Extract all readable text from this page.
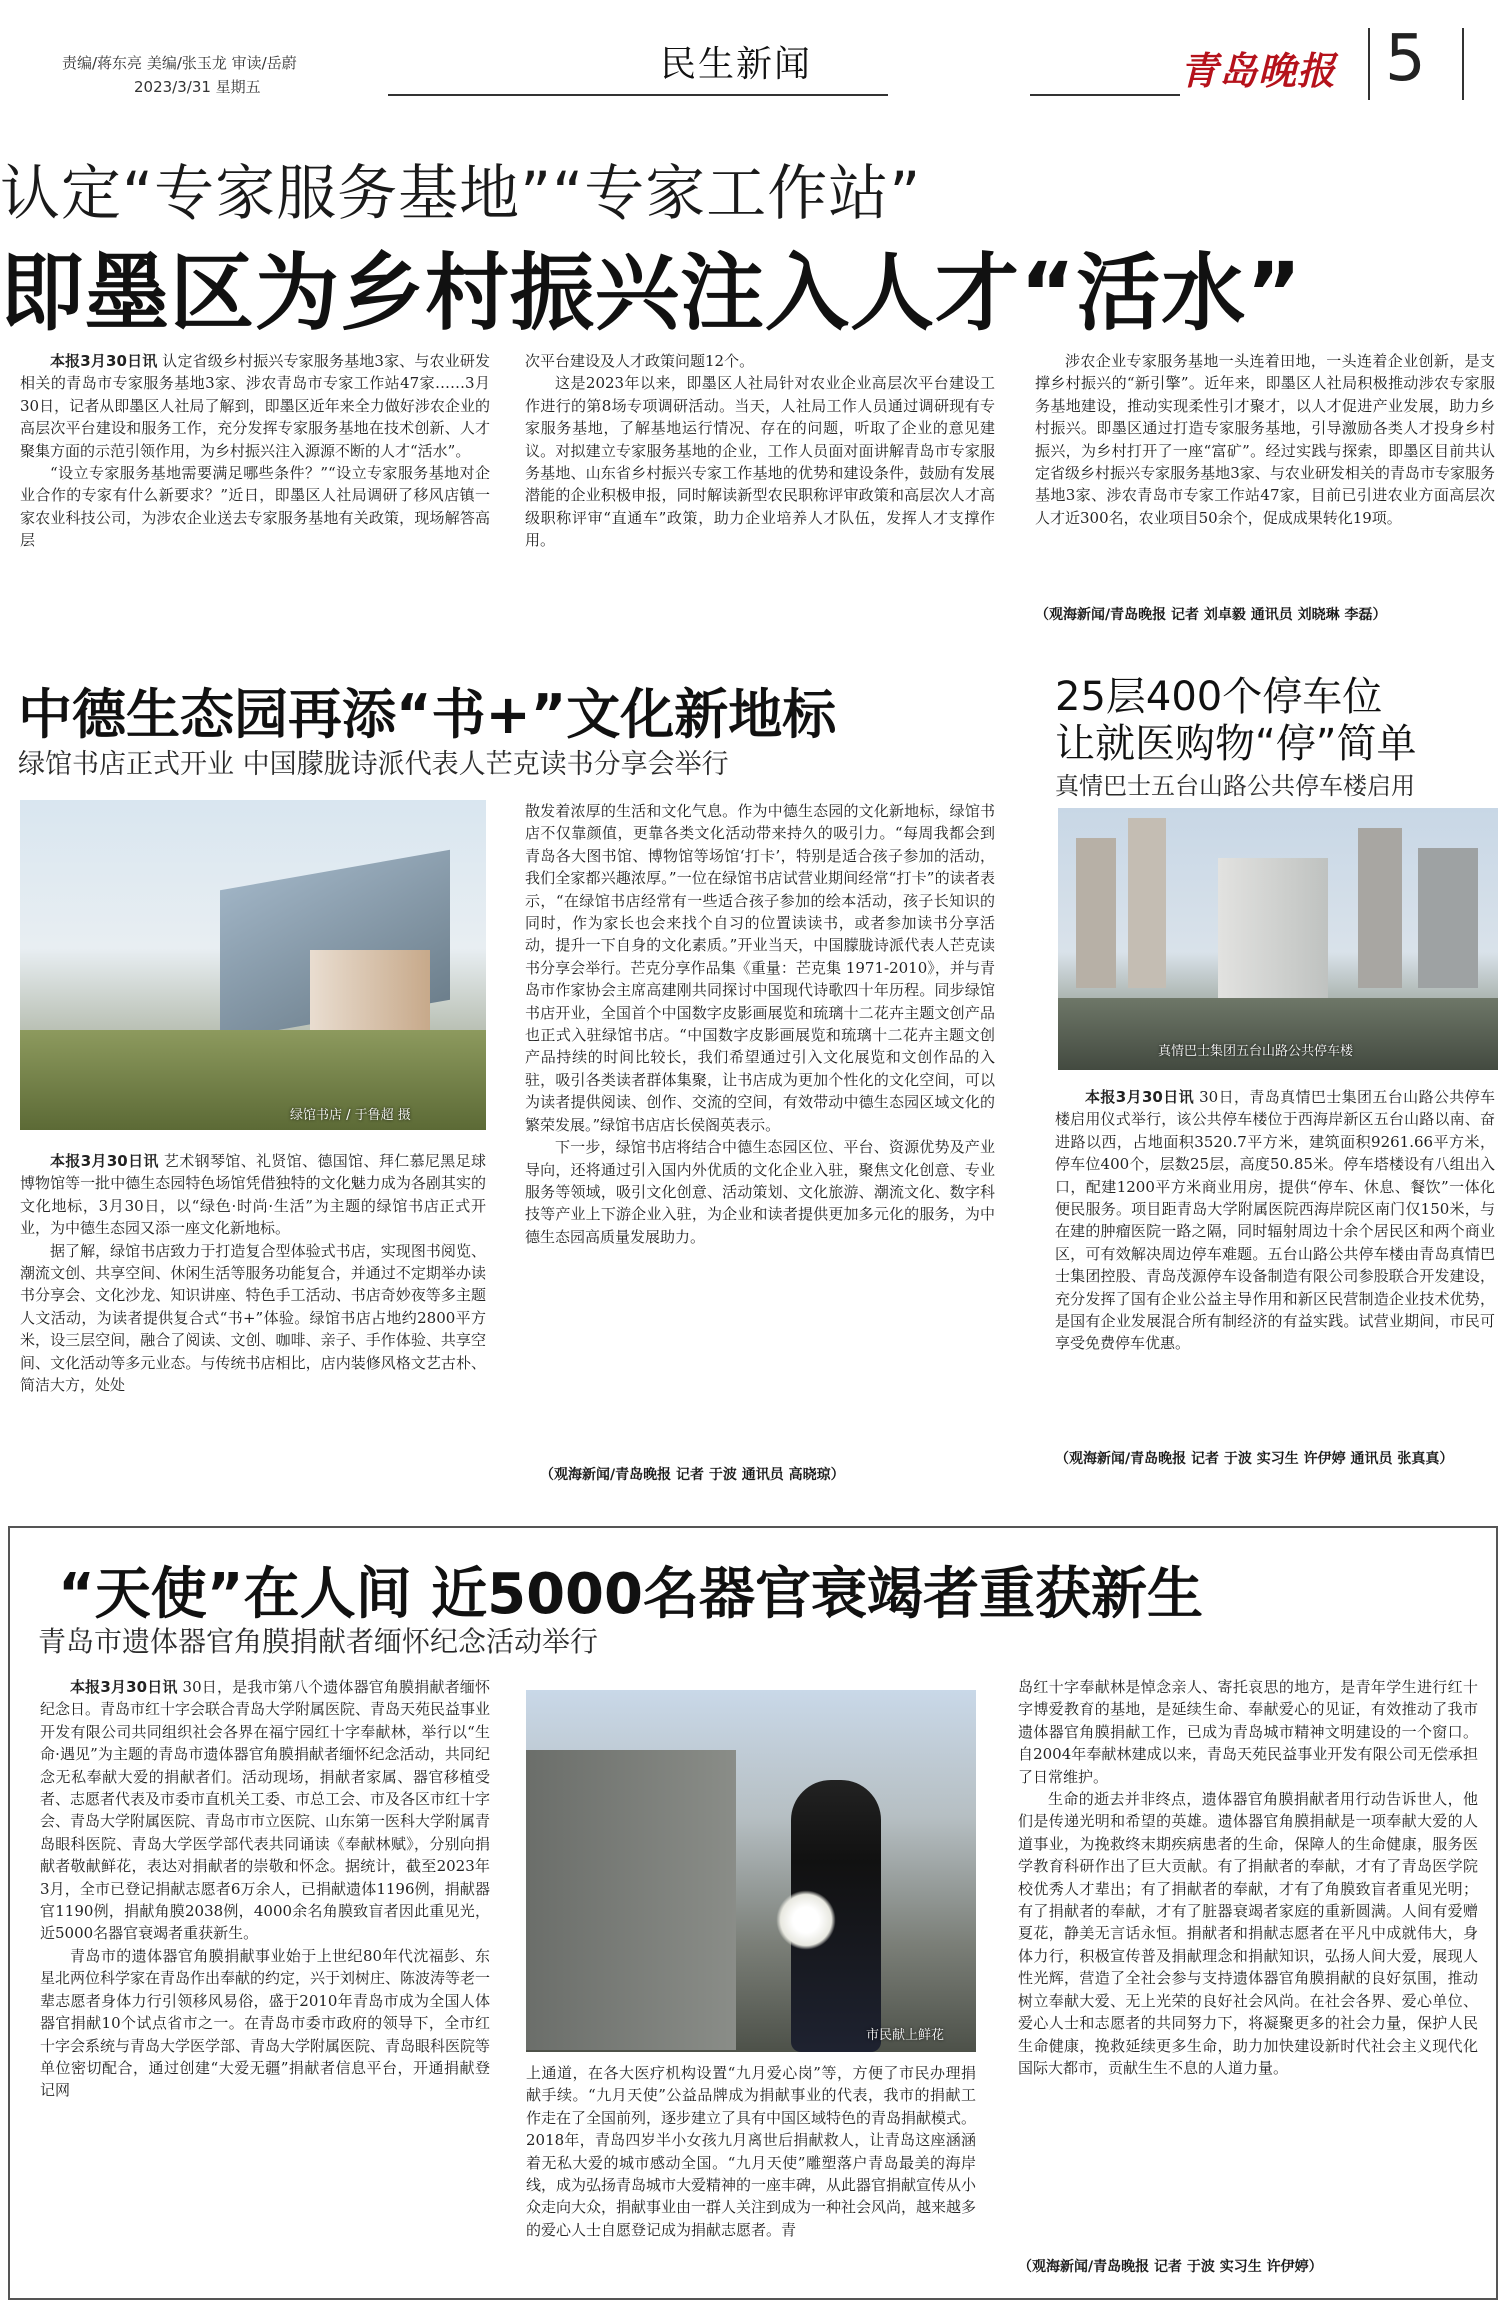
责编/蒋东亮 美编/张玉龙 审读/岳蔚
2023/3/31 星期五
民生新闻	青岛晚报 5
认定“专家服务基地”“专家工作站”
即墨区为乡村振兴注入人才“活水”

本报3月30日讯 认定省级乡村振兴专家服务基地3家、与农业研发相关的青岛市专家服务基地3家、涉农青岛市专家工作站47家……3月30日，记者从即墨区人社局了解到，即墨区近年来全力做好涉农企业的高层次平台建设和服务工作，充分发挥专家服务基地在技术创新、人才聚集方面的示范引领作用，为乡村振兴注入源源不断的人才“活水”。

“设立专家服务基地需要满足哪些条件？”“设立专家服务基地对企业合作的专家有什么新要求？”近日，即墨区人社局调研了移风店镇一家农业科技公司，为涉农企业送去专家服务基地有关政策，现场解答高层

次平台建设及人才政策问题12个。

这是2023年以来，即墨区人社局针对农业企业高层次平台建设工作进行的第8场专项调研活动。当天，人社局工作人员通过调研现有专家服务基地，了解基地运行情况、存在的问题，听取了企业的意见建议。对拟建立专家服务基地的企业，工作人员面对面讲解青岛市专家服务基地、山东省乡村振兴专家工作基地的优势和建设条件，鼓励有发展潜能的企业积极申报，同时解读新型农民职称评审政策和高层次人才高级职称评审“直通车”政策，助力企业培养人才队伍，发挥人才支撑作用。

涉农企业专家服务基地一头连着田地，一头连着企业创新，是支撑乡村振兴的“新引擎”。近年来，即墨区人社局积极推动涉农专家服务基地建设，推动实现柔性引才聚才，以人才促进产业发展，助力乡村振兴。即墨区通过打造专家服务基地，引导激励各类人才投身乡村振兴，为乡村打开了一座“富矿”。经过实践与探索，即墨区目前共认定省级乡村振兴专家服务基地3家、与农业研发相关的青岛市专家服务基地3家、涉农青岛市专家工作站47家，目前已引进农业方面高层次人才近300名，农业项目50余个，促成成果转化19项。

（观海新闻/青岛晚报 记者 刘卓毅 通讯员 刘晓琳 李磊）
中德生态园再添“书+”文化新地标
绿馆书店正式开业 中国朦胧诗派代表人芒克读书分享会举行
绿馆书店 / 于鲁超 摄

本报3月30日讯 艺术钢琴馆、礼贤馆、德国馆、拜仁慕尼黑足球博物馆等一批中德生态园特色场馆凭借独特的文化魅力成为各剧其实的文化地标，3月30日，以“绿色·时尚·生活”为主题的绿馆书店正式开业，为中德生态园又添一座文化新地标。

据了解，绿馆书店致力于打造复合型体验式书店，实现图书阅览、潮流文创、共享空间、休闲生活等服务功能复合，并通过不定期举办读书分享会、文化沙龙、知识讲座、特色手工活动、书店奇妙夜等多主题人文活动，为读者提供复合式“书+”体验。绿馆书店占地约2800平方米，设三层空间，融合了阅读、文创、咖啡、亲子、手作体验、共享空间、文化活动等多元业态。与传统书店相比，店内装修风格文艺古朴、简洁大方，处处

散发着浓厚的生活和文化气息。作为中德生态园的文化新地标，绿馆书店不仅靠颜值，更靠各类文化活动带来持久的吸引力。“每周我都会到青岛各大图书馆、博物馆等场馆‘打卡’，特别是适合孩子参加的活动，我们全家都兴趣浓厚。”一位在绿馆书店试营业期间经常“打卡”的读者表示，“在绿馆书店经常有一些适合孩子参加的绘本活动，孩子长知识的同时，作为家长也会来找个自习的位置读读书，或者参加读书分享活动，提升一下自身的文化素质。”开业当天，中国朦胧诗派代表人芒克读书分享会举行。芒克分享作品集《重量：芒克集 1971-2010》，并与青岛市作家协会主席高建刚共同探讨中国现代诗歌四十年历程。同步绿馆书店开业，全国首个中国数字皮影画展览和琉璃十二花卉主题文创产品也正式入驻绿馆书店。“中国数字皮影画展览和琉璃十二花卉主题文创产品持续的时间比较长，我们希望通过引入文化展览和文创作品的入驻，吸引各类读者群体集聚，让书店成为更加个性化的文化空间，可以为读者提供阅读、创作、交流的空间，有效带动中德生态园区域文化的繁荣发展。”绿馆书店店长侯阁英表示。

下一步，绿馆书店将结合中德生态园区位、平台、资源优势及产业导向，还将通过引入国内外优质的文化企业入驻，聚焦文化创意、专业服务等领域，吸引文化创意、活动策划、文化旅游、潮流文化、数字科技等产业上下游企业入驻，为企业和读者提供更加多元化的服务，为中德生态园高质量发展助力。

（观海新闻/青岛晚报 记者 于波 通讯员 高晓琼）
25层400个停车位
让就医购物“停”简单
真情巴士五台山路公共停车楼启用
真情巴士集团五台山路公共停车楼

本报3月30日讯 30日，青岛真情巴士集团五台山路公共停车楼启用仪式举行，该公共停车楼位于西海岸新区五台山路以南、奋进路以西，占地面积3520.7平方米，建筑面积9261.66平方米，停车位400个，层数25层，高度50.85米。停车塔楼设有八组出入口，配建1200平方米商业用房，提供“停车、休息、餐饮”一体化便民服务。项目距青岛大学附属医院西海岸院区南门仅150米，与在建的肿瘤医院一路之隔，同时辐射周边十余个居民区和两个商业区，可有效解决周边停车难题。五台山路公共停车楼由青岛真情巴士集团控股、青岛茂源停车设备制造有限公司参股联合开发建设，充分发挥了国有企业公益主导作用和新区民营制造企业技术优势，是国有企业发展混合所有制经济的有益实践。试营业期间，市民可享受免费停车优惠。

（观海新闻/青岛晚报 记者 于波 实习生 许伊婷 通讯员 张真真）
“天使”在人间 近5000名器官衰竭者重获新生
青岛市遗体器官角膜捐献者缅怀纪念活动举行

本报3月30日讯 30日，是我市第八个遗体器官角膜捐献者缅怀纪念日。青岛市红十字会联合青岛大学附属医院、青岛天苑民益事业开发有限公司共同组织社会各界在福宁园红十字奉献林，举行以“生命·遇见”为主题的青岛市遗体器官角膜捐献者缅怀纪念活动，共同纪念无私奉献大爱的捐献者们。活动现场，捐献者家属、器官移植受者、志愿者代表及市委市直机关工委、市总工会、市及各区市红十字会、青岛大学附属医院、青岛市市立医院、山东第一医科大学附属青岛眼科医院、青岛大学医学部代表共同诵读《奉献林赋》，分别向捐献者敬献鲜花，表达对捐献者的崇敬和怀念。据统计，截至2023年3月，全市已登记捐献志愿者6万余人，已捐献遗体1196例，捐献器官1190例，捐献角膜2038例，4000余名角膜致盲者因此重见光，近5000名器官衰竭者重获新生。

青岛市的遗体器官角膜捐献事业始于上世纪80年代沈福彭、东星北两位科学家在青岛作出奉献的约定，兴于刘树庄、陈波涛等老一辈志愿者身体力行引领移风易俗，盛于2010年青岛市成为全国人体器官捐献10个试点省市之一。在青岛市委市政府的领导下，全市红十字会系统与青岛大学医学部、青岛大学附属医院、青岛眼科医院等单位密切配合，通过创建“大爱无疆”捐献者信息平台，开通捐献登记网

市民献上鲜花

上通道，在各大医疗机构设置“九月爱心岗”等，方便了市民办理捐献手续。“九月天使”公益品牌成为捐献事业的代表，我市的捐献工作走在了全国前列，逐步建立了具有中国区域特色的青岛捐献模式。2018年，青岛四岁半小女孩九月离世后捐献救人，让青岛这座涵涵着无私大爱的城市感动全国。“九月天使”雕塑落户青岛最美的海岸线，成为弘扬青岛城市大爱精神的一座丰碑，从此器官捐献宣传从小众走向大众，捐献事业由一群人关注到成为一种社会风尚，越来越多的爱心人士自愿登记成为捐献志愿者。青

岛红十字奉献林是悼念亲人、寄托哀思的地方，是青年学生进行红十字博爱教育的基地，是延续生命、奉献爱心的见证，有效推动了我市遗体器官角膜捐献工作，已成为青岛城市精神文明建设的一个窗口。自2004年奉献林建成以来，青岛天苑民益事业开发有限公司无偿承担了日常维护。

生命的逝去并非终点，遗体器官角膜捐献者用行动告诉世人，他们是传递光明和希望的英雄。遗体器官角膜捐献是一项奉献大爱的人道事业，为挽救终末期疾病患者的生命，保障人的生命健康，服务医学教育科研作出了巨大贡献。有了捐献者的奉献，才有了青岛医学院校优秀人才辈出；有了捐献者的奉献，才有了角膜致盲者重见光明；有了捐献者的奉献，才有了脏器衰竭者家庭的重新圆满。人间有爱赠夏花，静美无言话永恒。捐献者和捐献志愿者在平凡中成就伟大，身体力行，积极宣传普及捐献理念和捐献知识，弘扬人间大爱，展现人性光辉，营造了全社会参与支持遗体器官角膜捐献的良好氛围，推动树立奉献大爱、无上光荣的良好社会风尚。在社会各界、爱心单位、爱心人士和志愿者的共同努力下，将凝聚更多的社会力量，保护人民生命健康，挽救延续更多生命，助力加快建设新时代社会主义现代化国际大都市，贡献生生不息的人道力量。

（观海新闻/青岛晚报 记者 于波 实习生 许伊婷）
